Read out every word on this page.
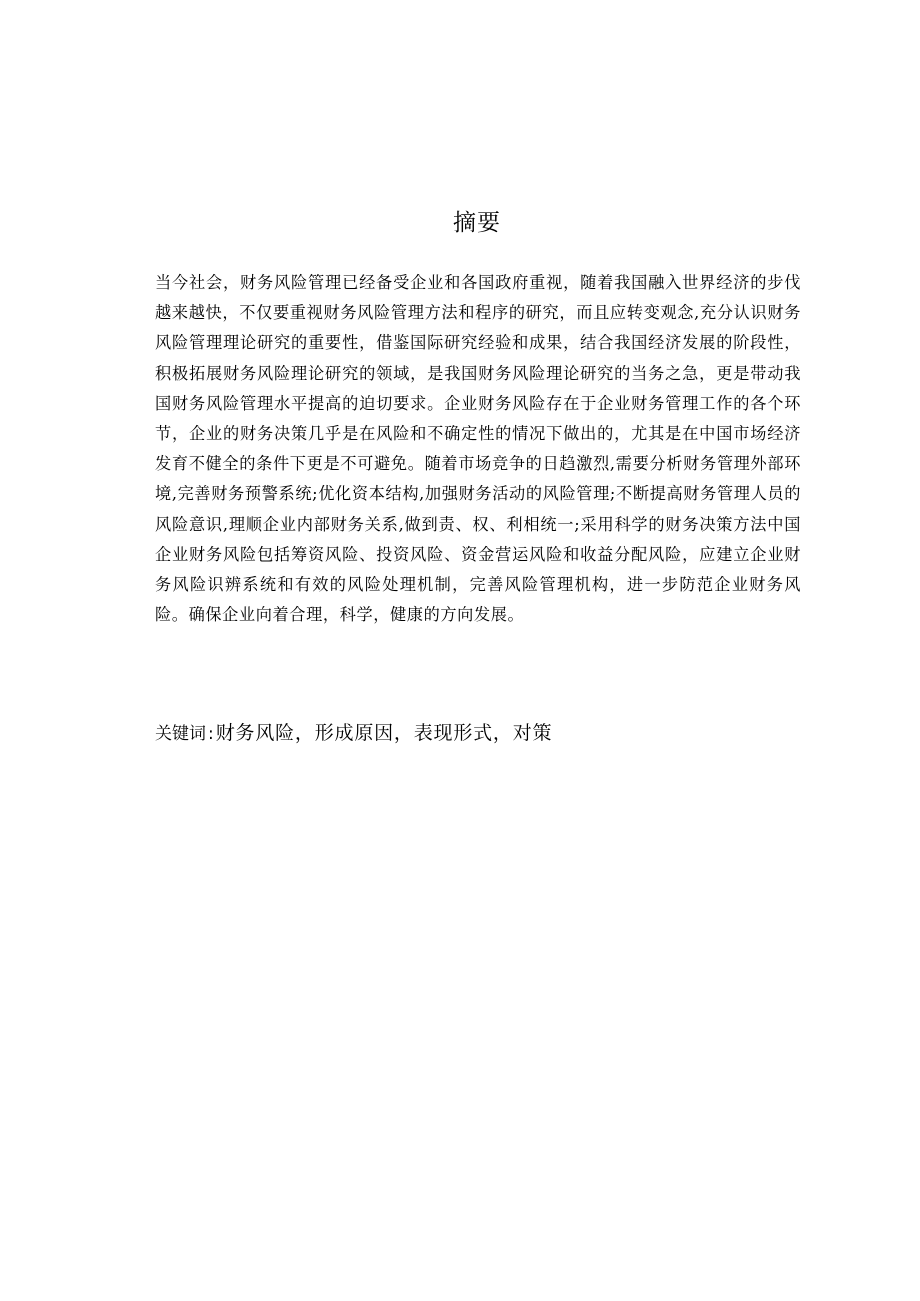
摘要

当今社会，财务风险管理已经备受企业和各国政府重视，随着我国融入世界经济的步伐越来越快，不仅要重视财务风险管理方法和程序的研究，而且应转变观念,充分认识财务风险管理理论研究的重要性，借鉴国际研究经验和成果，结合我国经济发展的阶段性，积极拓展财务风险理论研究的领域，是我国财务风险理论研究的当务之急，更是带动我国财务风险管理水平提高的迫切要求。企业财务风险存在于企业财务管理工作的各个环节，企业的财务决策几乎是在风险和不确定性的情况下做出的，尤其是在中国市场经济发育不健全的条件下更是不可避免。随着市场竞争的日趋激烈,需要分析财务管理外部环境,完善财务预警系统;优化资本结构,加强财务活动的风险管理;不断提高财务管理人员的风险意识,理顺企业内部财务关系,做到责、权、利相统一;采用科学的财务决策方法中国企业财务风险包括筹资风险、投资风险、资金营运风险和收益分配风险，应建立企业财务风险识辨系统和有效的风险处理机制，完善风险管理机构，进一步防范企业财务风险。确保企业向着合理，科学，健康的方向发展。

关键词 : 财务风险，形成原因，表现形式，对策
